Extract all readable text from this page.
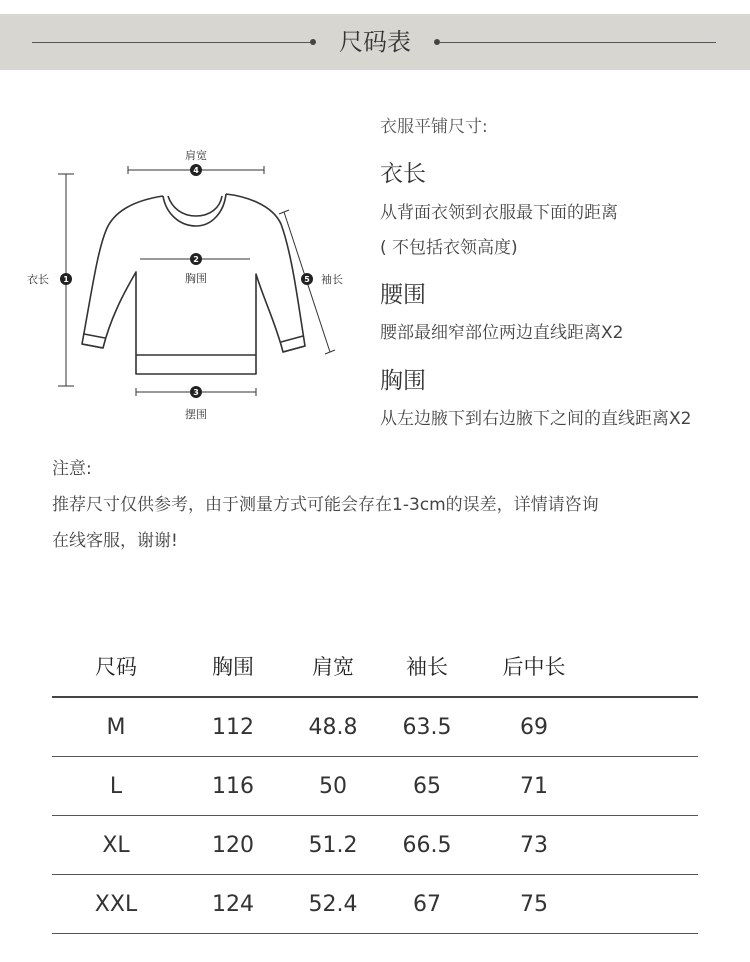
尺码表
4
2
3
1	5
肩宽
胸围
摆围
衣长	袖长
衣服平铺尺寸:
衣长
从背面衣领到衣服最下面的距离
( 不包括衣领高度)
腰围
腰部最细窄部位两边直线距离X2
胸围
从左边腋下到右边腋下之间的直线距离X2
注意:
推荐尺寸仅供参考，由于测量方式可能会存在1-3cm的误差，详情请咨询
在线客服，谢谢!
尺码	胸围	肩宽	袖长	后中长	
M	112	48.8	63.5	69	
L	116	50	65	71	
XL	120	51.2	66.5	73	
XXL	124	52.4	67	75	
